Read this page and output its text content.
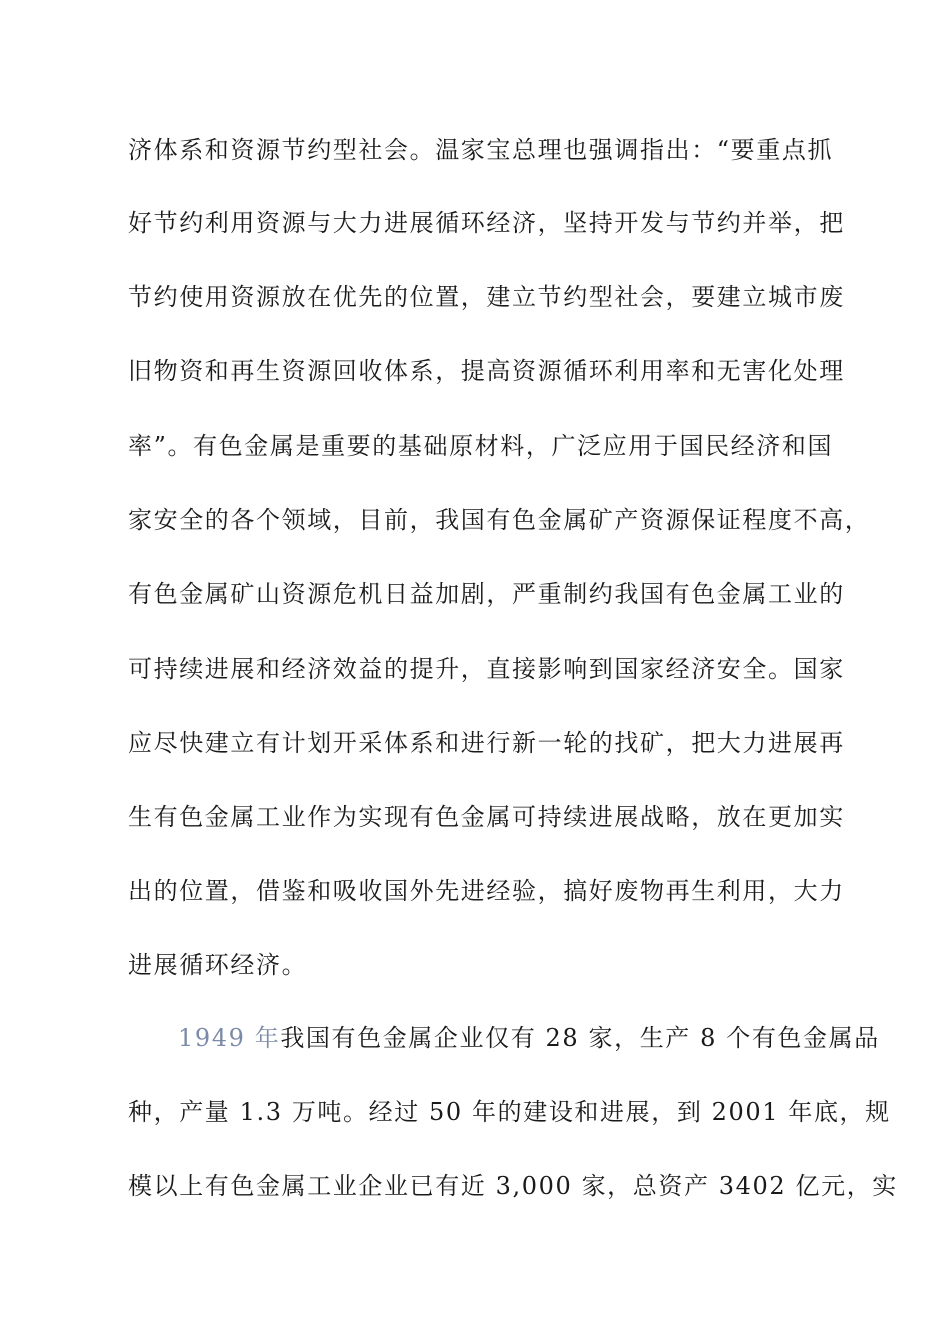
济体系和资源节约型社会。温家宝总理也强调指出：“要重点抓
好节约利用资源与大力进展循环经济，坚持开发与节约并举，把
节约使用资源放在优先的位置，建立节约型社会，要建立城市废
旧物资和再生资源回收体系，提高资源循环利用率和无害化处理
率”。有色金属是重要的基础原材料，广泛应用于国民经济和国
家安全的各个领域，目前，我国有色金属矿产资源保证程度不高，
有色金属矿山资源危机日益加剧，严重制约我国有色金属工业的
可持续进展和经济效益的提升，直接影响到国家经济安全。国家
应尽快建立有计划开采体系和进行新一轮的找矿，把大力进展再
生有色金属工业作为实现有色金属可持续进展战略，放在更加实
出的位置，借鉴和吸收国外先进经验，搞好废物再生利用，大力
进展循环经济。
1949 年我国有色金属企业仅有 28 家，生产 8 个有色金属品
种，产量 1.3 万吨。经过 50 年的建设和进展，到 2001 年底，规
模以上有色金属工业企业已有近 3,000 家，总资产 3402 亿元，实
